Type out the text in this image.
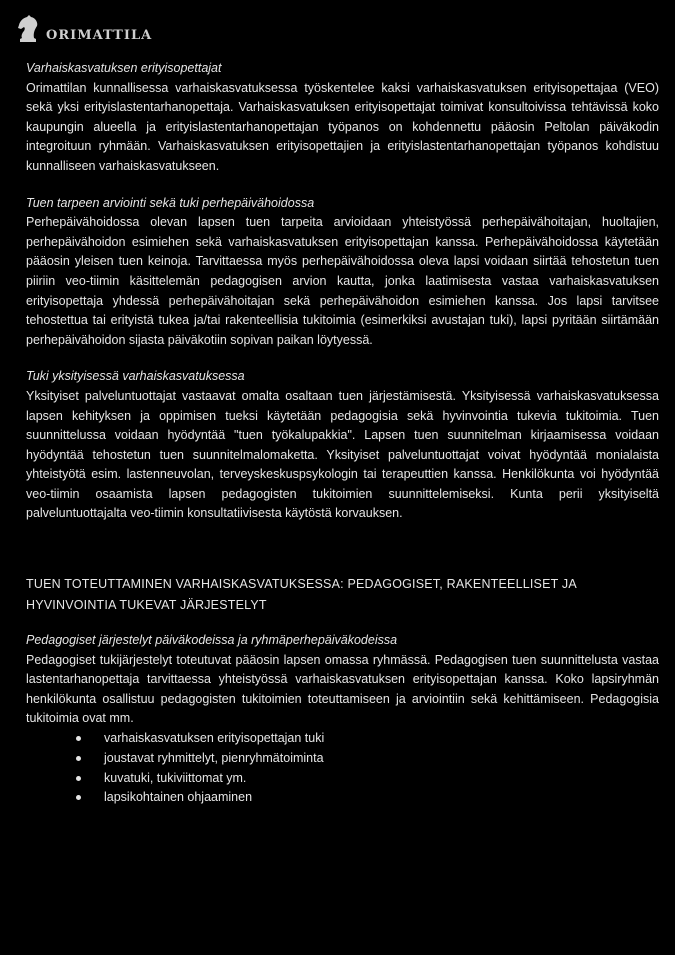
ORIMATTILA
Varhaiskasvatuksen erityisopettajat

Orimattilan kunnallisessa varhaiskasvatuksessa työskentelee kaksi varhaiskasvatuksen erityisopettajaa (VEO) sekä yksi erityislastentarhanopettaja. Varhaiskasvatuksen erityisopettajat toimivat konsultoivissa tehtävissä koko kaupungin alueella ja erityislastentarhanopettajan työpanos on kohdennettu pääosin Peltolan päiväkodin integroituun ryhmään. Varhaiskasvatuksen erityisopettajien ja erityislastentarhanopettajan työpanos kohdistuu kunnalliseen varhaiskasvatukseen.

Tuen tarpeen arviointi sekä tuki perhepäivähoidossa

Perhepäivähoidossa olevan lapsen tuen tarpeita arvioidaan yhteistyössä perhepäivähoitajan, huoltajien, perhepäivähoidon esimiehen sekä varhaiskasvatuksen erityisopettajan kanssa. Perhepäivähoidossa käytetään pääosin yleisen tuen keinoja. Tarvittaessa myös perhepäivähoidossa oleva lapsi voidaan siirtää tehostetun tuen piiriin veo-tiimin käsittelemän pedagogisen arvion kautta, jonka laatimisesta vastaa varhaiskasvatuksen erityisopettaja yhdessä perhepäivähoitajan sekä perhepäivähoidon esimiehen kanssa. Jos lapsi tarvitsee tehostettua tai erityistä tukea ja/tai rakenteellisia tukitoimia (esimerkiksi avustajan tuki), lapsi pyritään siirtämään perhepäivähoidon sijasta päiväkotiin sopivan paikan löytyessä.

Tuki yksityisessä varhaiskasvatuksessa

Yksityiset palveluntuottajat vastaavat omalta osaltaan tuen järjestämisestä. Yksityisessä varhaiskasvatuksessa lapsen kehityksen ja oppimisen tueksi käytetään pedagogisia sekä hyvinvointia tukevia tukitoimia. Tuen suunnittelussa voidaan hyödyntää "tuen työkalupakkia". Lapsen tuen suunnitelman kirjaamisessa voidaan hyödyntää tehostetun tuen suunnitelmalomaketta. Yksityiset palveluntuottajat voivat hyödyntää monialaista yhteistyötä esim. lastenneuvolan, terveyskeskuspsykologin tai terapeuttien kanssa. Henkilökunta voi hyödyntää veo-tiimin osaamista lapsen pedagogisten tukitoimien suunnittelemiseksi. Kunta perii yksityiseltä palveluntuottajalta veo-tiimin konsultatiivisesta käytöstä korvauksen.

TUEN TOTEUTTAMINEN VARHAISKASVATUKSESSA: PEDAGOGISET, RAKENTEELLISET JA HYVINVOINTIA TUKEVAT JÄRJESTELYT
Pedagogiset järjestelyt päiväkodeissa ja ryhmäperhepäiväkodeissa

Pedagogiset tukijärjestelyt toteutuvat pääosin lapsen omassa ryhmässä. Pedagogisen tuen suunnittelusta vastaa lastentarhanopettaja tarvittaessa yhteistyössä varhaiskasvatuksen erityisopettajan kanssa. Koko lapsiryhmän henkilökunta osallistuu pedagogisten tukitoimien toteuttamiseen ja arviointiin sekä kehittämiseen. Pedagogisia tukitoimia ovat mm.

varhaiskasvatuksen erityisopettajan tuki
joustavat ryhmittelyt, pienryhmätoiminta
kuvatuki, tukiviittomat ym.
lapsikohtainen ohjaaminen
